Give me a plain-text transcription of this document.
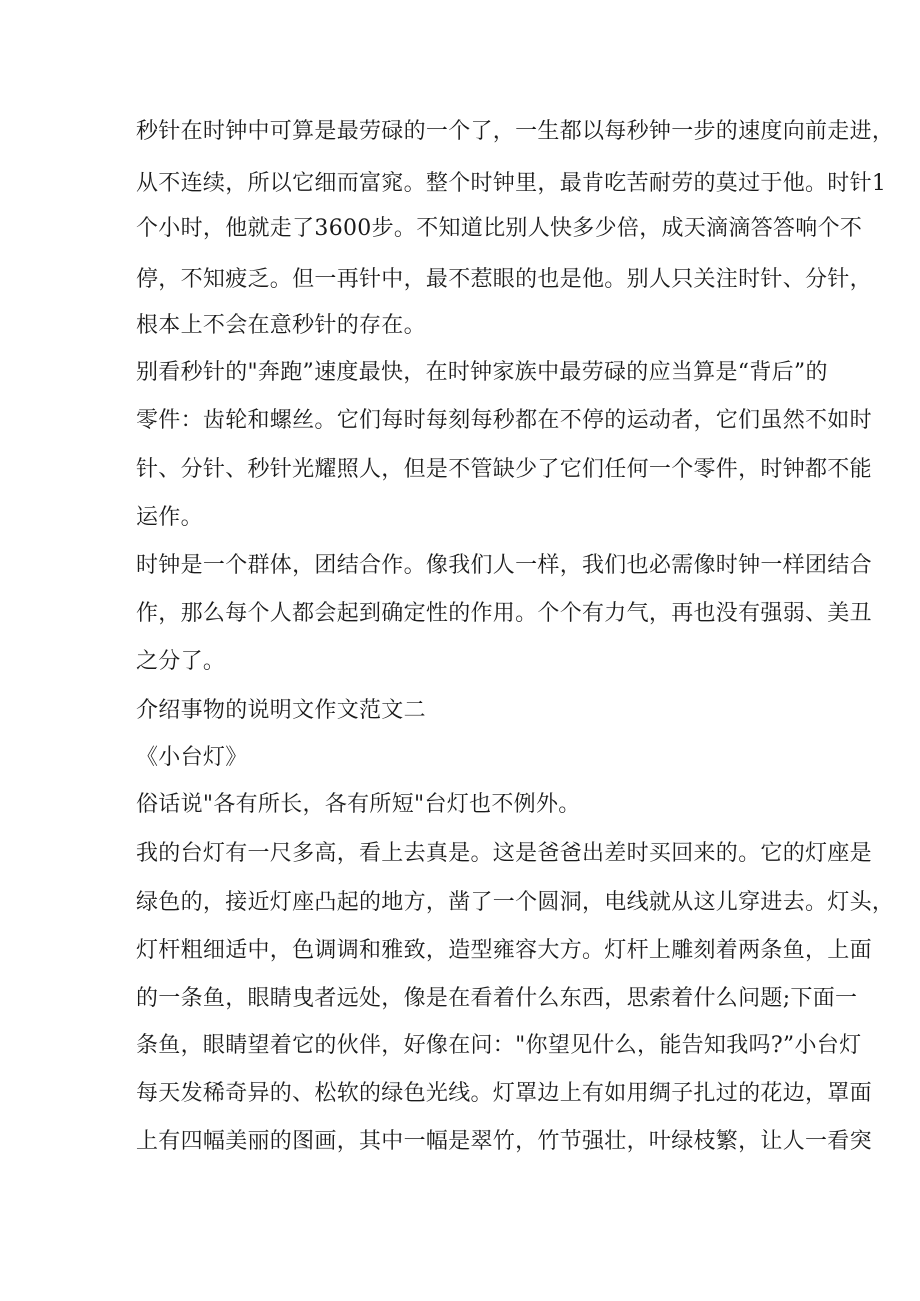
秒针在时钟中可算是最劳碌的一个了，一生都以每秒钟一步的速度向前走进，
从不连续，所以它细而富窕。整个时钟里，最肯吃苦耐劳的莫过于他。时针1
个小时，他就走了3600步。不知道比别人快多少倍，成天滴滴答答响个不
停，不知疲乏。但一再针中，最不惹眼的也是他。别人只关注时针、分针，
根本上不会在意秒针的存在。
别看秒针的"奔跑”速度最快，在时钟家族中最劳碌的应当算是“背后”的
零件：齿轮和螺丝。它们每时每刻每秒都在不停的运动者，它们虽然不如时
针、分针、秒针光耀照人，但是不管缺少了它们任何一个零件，时钟都不能
运作。
时钟是一个群体，团结合作。像我们人一样，我们也必需像时钟一样团结合
作，那么每个人都会起到确定性的作用。个个有力气，再也没有强弱、美丑
之分了。
介绍事物的说明文作文范文二
《小台灯》
俗话说"各有所长，各有所短"台灯也不例外。
我的台灯有一尺多高，看上去真是。这是爸爸出差时买回来的。它的灯座是
绿色的，接近灯座凸起的地方，凿了一个圆洞，电线就从这儿穿进去。灯头，
灯杆粗细适中，色调调和雅致，造型雍容大方。灯杆上雕刻着两条鱼，上面
的一条鱼，眼睛曳者远处，像是在看着什么东西，思索着什么问题;下面一
条鱼，眼睛望着它的伙伴，好像在问："你望见什么，能告知我吗?”小台灯
每天发稀奇异的、松软的绿色光线。灯罩边上有如用绸子扎过的花边，罩面
上有四幅美丽的图画，其中一幅是翠竹，竹节强壮，叶绿枝繁，让人一看突
